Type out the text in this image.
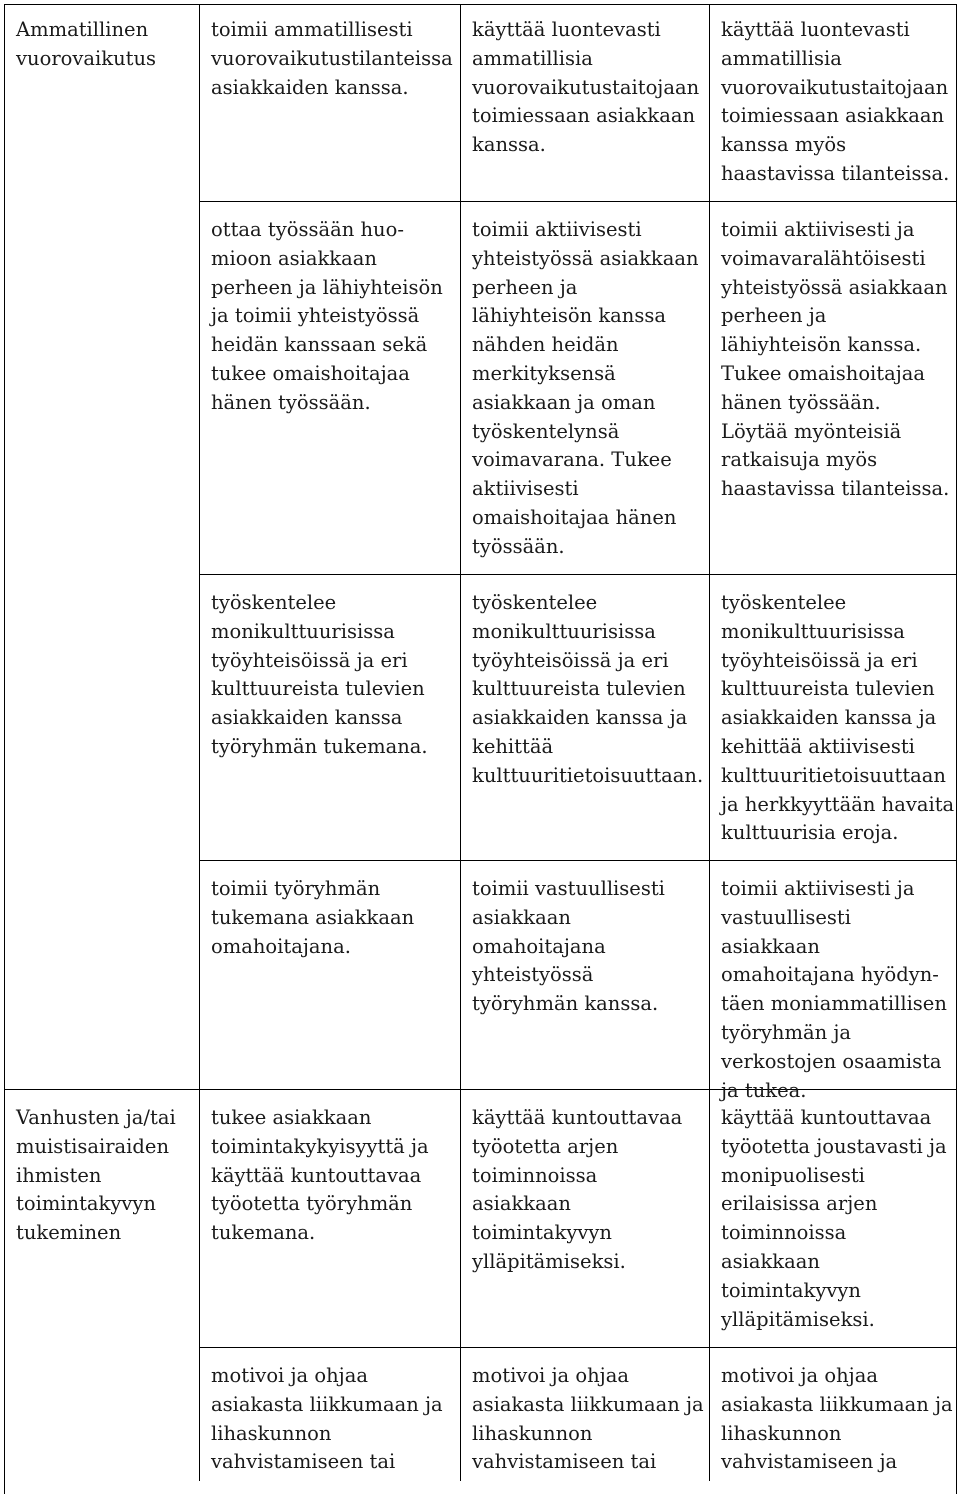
Ammatillinen
vuorovaikutus
toimii ammatillisesti
vuorovaikutustilanteissa
asiakkaiden kanssa.
käyttää luontevasti
ammatillisia
vuorovaikutustaitojaan
toimiessaan asiakkaan
kanssa.
käyttää luontevasti
ammatillisia
vuorovaikutustaitojaan
toimiessaan asiakkaan
kanssa myös
haastavissa tilanteissa.
ottaa työssään huo-
mioon asiakkaan
perheen ja lähiyhteisön
ja toimii yhteistyössä
heidän kanssaan sekä
tukee omaishoitajaa
hänen työssään.
toimii aktiivisesti
yhteistyössä asiakkaan
perheen ja
lähiyhteisön kanssa
nähden heidän
merkityksensä
asiakkaan ja oman
työskentelynsä
voimavarana. Tukee
aktiivisesti
omaishoitajaa hänen
työssään.
toimii aktiivisesti ja
voimavaralähtöisesti
yhteistyössä asiakkaan
perheen ja
lähiyhteisön kanssa.
Tukee omaishoitajaa
hänen työssään.
Löytää myönteisiä
ratkaisuja myös
haastavissa tilanteissa.
työskentelee
monikulttuurisissa
työyhteisöissä ja eri
kulttuureista tulevien
asiakkaiden kanssa
työryhmän tukemana.
työskentelee
monikulttuurisissa
työyhteisöissä ja eri
kulttuureista tulevien
asiakkaiden kanssa ja
kehittää
kulttuuritietoisuuttaan.
työskentelee
monikulttuurisissa
työyhteisöissä ja eri
kulttuureista tulevien
asiakkaiden kanssa ja
kehittää aktiivisesti
kulttuuritietoisuuttaan
ja herkkyyttään havaita
kulttuurisia eroja.
toimii työryhmän
tukemana asiakkaan
omahoitajana.
toimii vastuullisesti
asiakkaan
omahoitajana
yhteistyössä
työryhmän kanssa.
toimii aktiivisesti ja
vastuullisesti asiakkaan
omahoitajana hyödyn-
täen moniammatillisen
työryhmän ja
verkostojen osaamista
ja tukea.
Vanhusten ja/tai
muistisairaiden
ihmisten
toimintakyvyn
tukeminen
tukee asiakkaan
toimintakykyisyyttä ja
käyttää kuntouttavaa
työotetta työryhmän
tukemana.
käyttää kuntouttavaa
työotetta arjen
toiminnoissa
asiakkaan
toimintakyvyn
ylläpitämiseksi.
käyttää kuntouttavaa
työotetta joustavasti ja
monipuolisesti
erilaisissa arjen
toiminnoissa
asiakkaan
toimintakyvyn
ylläpitämiseksi.
motivoi ja ohjaa
asiakasta liikkumaan ja
lihaskunnon
vahvistamiseen tai
motivoi ja ohjaa
asiakasta liikkumaan ja
lihaskunnon
vahvistamiseen tai
motivoi ja ohjaa
asiakasta liikkumaan ja
lihaskunnon
vahvistamiseen ja
